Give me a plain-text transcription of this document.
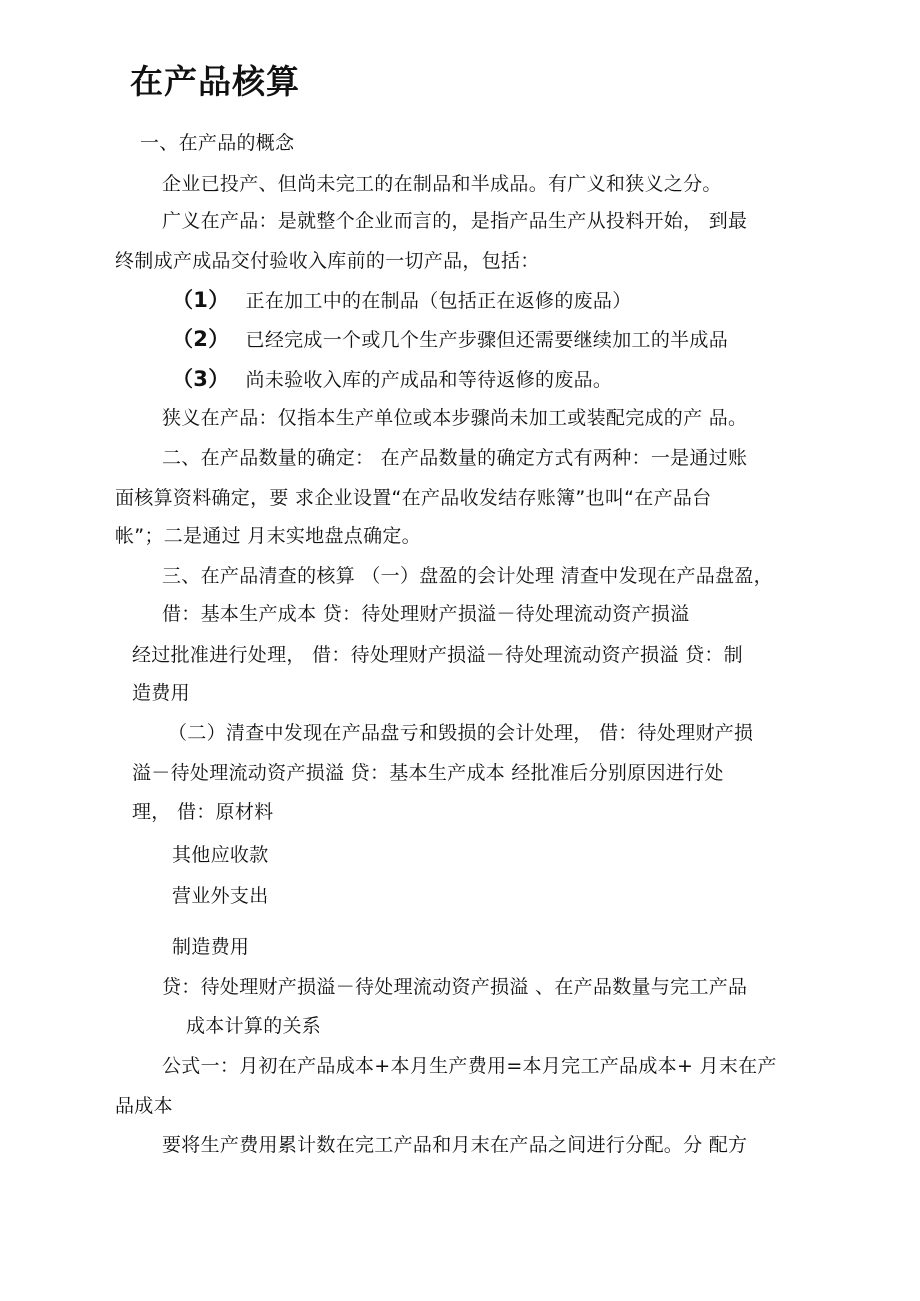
在产品核算
一、在产品的概念
企业已投产、但尚未完工的在制品和半成品。有广义和狭义之分。
广义在产品：是就整个企业而言的，是指产品生产从投料开始， 到最
终制成产成品交付验收入库前的一切产品，包括：
（1） 正在加工中的在制品（包括正在返修的废品）
（2） 已经完成一个或几个生产步骤但还需要继续加工的半成品
（3） 尚未验收入库的产成品和等待返修的废品。
狭义在产品：仅指本生产单位或本步骤尚未加工或装配完成的产 品。
二、在产品数量的确定： 在产品数量的确定方式有两种：一是通过账
面核算资料确定，要 求企业设置“在产品收发结存账簿”也叫“在产品台
帐”；二是通过 月末实地盘点确定。
三、在产品清查的核算 （一）盘盈的会计处理 清查中发现在产品盘盈，
借：基本生产成本 贷：待处理财产损溢－待处理流动资产损溢
经过批准进行处理， 借：待处理财产损溢－待处理流动资产损溢 贷：制
造费用
（二）清查中发现在产品盘亏和毁损的会计处理， 借：待处理财产损
溢－待处理流动资产损溢 贷：基本生产成本 经批准后分别原因进行处
理， 借：原材料
其他应收款
营业外支出
制造费用
贷：待处理财产损溢－待处理流动资产损溢 、在产品数量与完工产品
成本计算的关系
公式一：月初在产品成本+本月生产费用=本月完工产品成本+ 月末在产
品成本
要将生产费用累计数在完工产品和月末在产品之间进行分配。分 配方
